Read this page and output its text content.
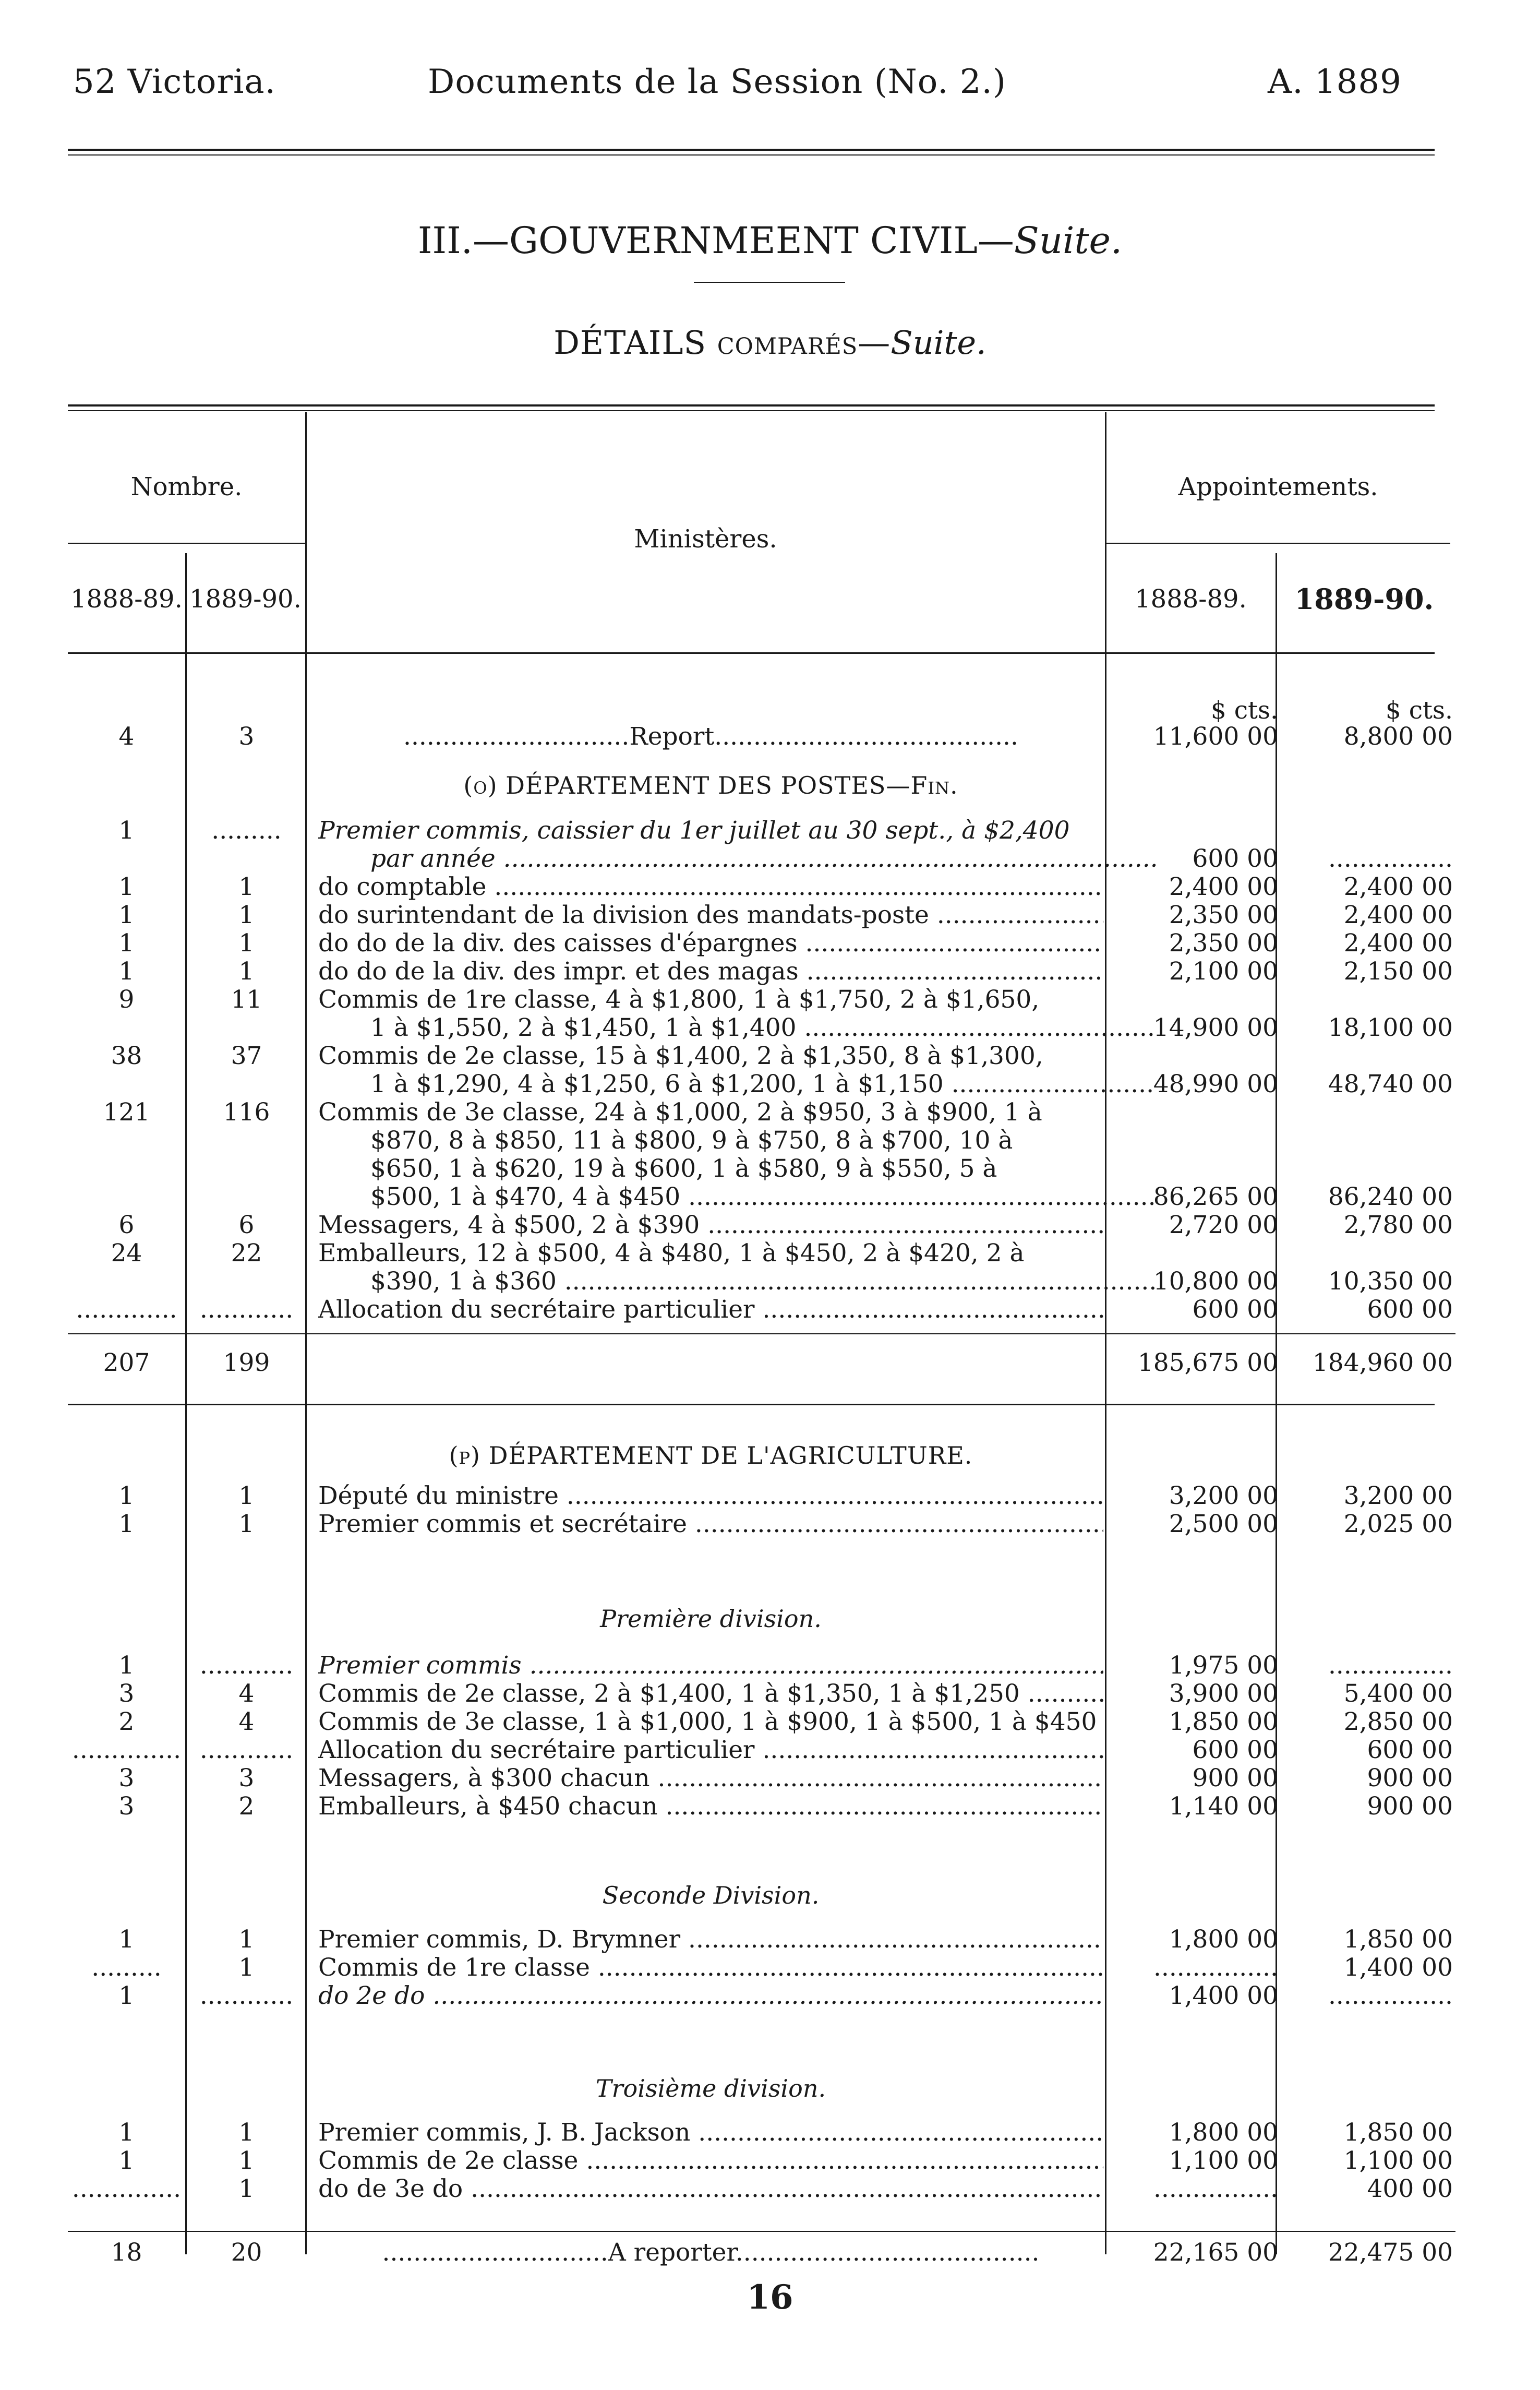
52 Victoria.	Documents de la Session (No. 2.)	A. 1889
III.—GOUVERNMEENT CIVIL—Suite.
DÉTAILS comparés—Suite.
Nombre.
1888-89. 1889-90.
Ministères.
Appointements.
1888-89.	1889-90.
$ cts.	$ cts.
4	3	.............................Report.......................................	11,600 00	8,800 00
(o) DÉPARTEMENT DES POSTES—Fin.
1	.........	Premier commis, caissier du 1er juillet au 30 sept., à $2,400
par année .....	600 00	................
1	1	do comptable .....	2,400 00	2,400 00
1	1	do surintendant de la division des mandats-poste .....	2,350 00	2,400 00
1	1	do do de la div. des caisses d'épargnes .....	2,350 00	2,400 00
1	1	do do de la div. des impr. et des magas .....	2,100 00	2,150 00
9	11	Commis de 1re classe, 4 à $1,800, 1 à $1,750, 2 à $1,650,
1 à $1,550, 2 à $1,450, 1 à $1,400 .....	14,900 00	18,100 00
38	37	Commis de 2e classe, 15 à $1,400, 2 à $1,350, 8 à $1,300,
1 à $1,290, 4 à $1,250, 6 à $1,200, 1 à $1,150 .....	48,990 00	48,740 00
121	116	Commis de 3e classe, 24 à $1,000, 2 à $950, 3 à $900, 1 à
$870, 8 à $850, 11 à $800, 9 à $750, 8 à $700, 10 à
$650, 1 à $620, 19 à $600, 1 à $580, 9 à $550, 5 à
$500, 1 à $470, 4 à $450 .....	86,265 00	86,240 00
6	6	Messagers, 4 à $500, 2 à $390 .....	2,720 00	2,780 00
24	22	Emballeurs, 12 à $500, 4 à $480, 1 à $450, 2 à $420, 2 à
$390, 1 à $360 .....	10,800 00	10,350 00
............. ............	Allocation du secrétaire particulier .....	600 00	600 00
207	199	185,675 00	184,960 00
(p) DÉPARTEMENT DE L'AGRICULTURE.
1	1	Député du ministre .....	3,200 00	3,200 00
1	1	Premier commis et secrétaire .....	2,500 00	2,025 00
Première division.
1	............	Premier commis .....	1,975 00	................
3	4	Commis de 2e classe, 2 à $1,400, 1 à $1,350, 1 à $1,250 .....	3,900 00	5,400 00
2	4	Commis de 3e classe, 1 à $1,000, 1 à $900, 1 à $500, 1 à $450 .....	1,850 00	2,850 00
.............. ............	Allocation du secrétaire particulier .....	600 00	600 00
3	3	Messagers, à $300 chacun .....	900 00	900 00
3	2	Emballeurs, à $450 chacun .....	1,140 00	900 00
Seconde Division.
1	1	Premier commis, D. Brymner .....	1,800 00	1,850 00
.........	1	Commis de 1re classe .....	................	1,400 00
1	............	do 2e do .....	1,400 00	................
Troisième division.
1	1	Premier commis, J. B. Jackson .....	1,800 00	1,850 00
1	1	Commis de 2e classe .....	1,100 00	1,100 00
..............	1	do de 3e do .....	................	400 00
18	20	.............................A reporter.......................................	22,165 00	22,475 00
16
